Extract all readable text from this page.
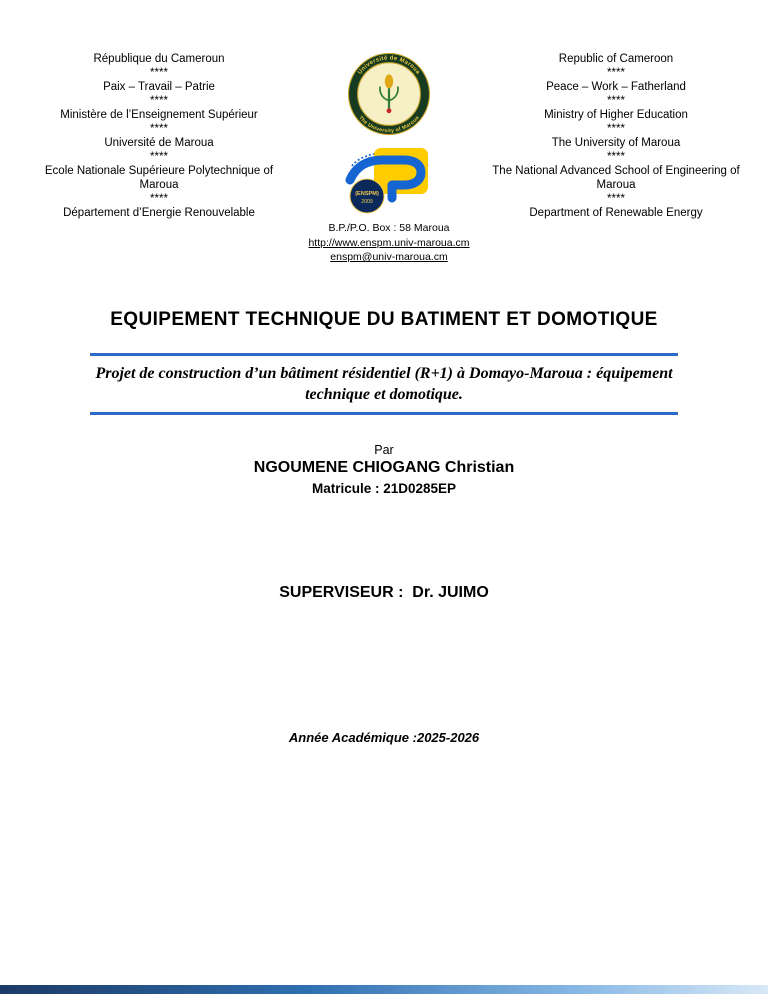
République du Cameroun
****
Paix – Travail – Patrie
****
Ministère de l’Enseignement Supérieur
****
Université de Maroua
****
Ecole Nationale Supérieure Polytechnique of Maroua
****
Département d’Energie Renouvelable
Université de Maroua
The University of Maroua
(ENSPM)
2009
B.P./P.O. Box : 58 Maroua
http://www.enspm.univ-maroua.cm
enspm@univ-maroua.cm
Republic of Cameroon
****
Peace – Work – Fatherland
****
Ministry of Higher Education
****
The University of Maroua
****
The National Advanced School of Engineering of Maroua
****
Department of Renewable Energy
EQUIPEMENT TECHNIQUE DU BATIMENT ET DOMOTIQUE

Projet de construction d’un bâtiment résidentiel (R+1) à Domayo-Maroua : équipement technique et domotique.

Par
NGOUMENE CHIOGANG Christian
Matricule : 21D0285EP
SUPERVISEUR :  Dr. JUIMO
Année Académique :2025-2026
